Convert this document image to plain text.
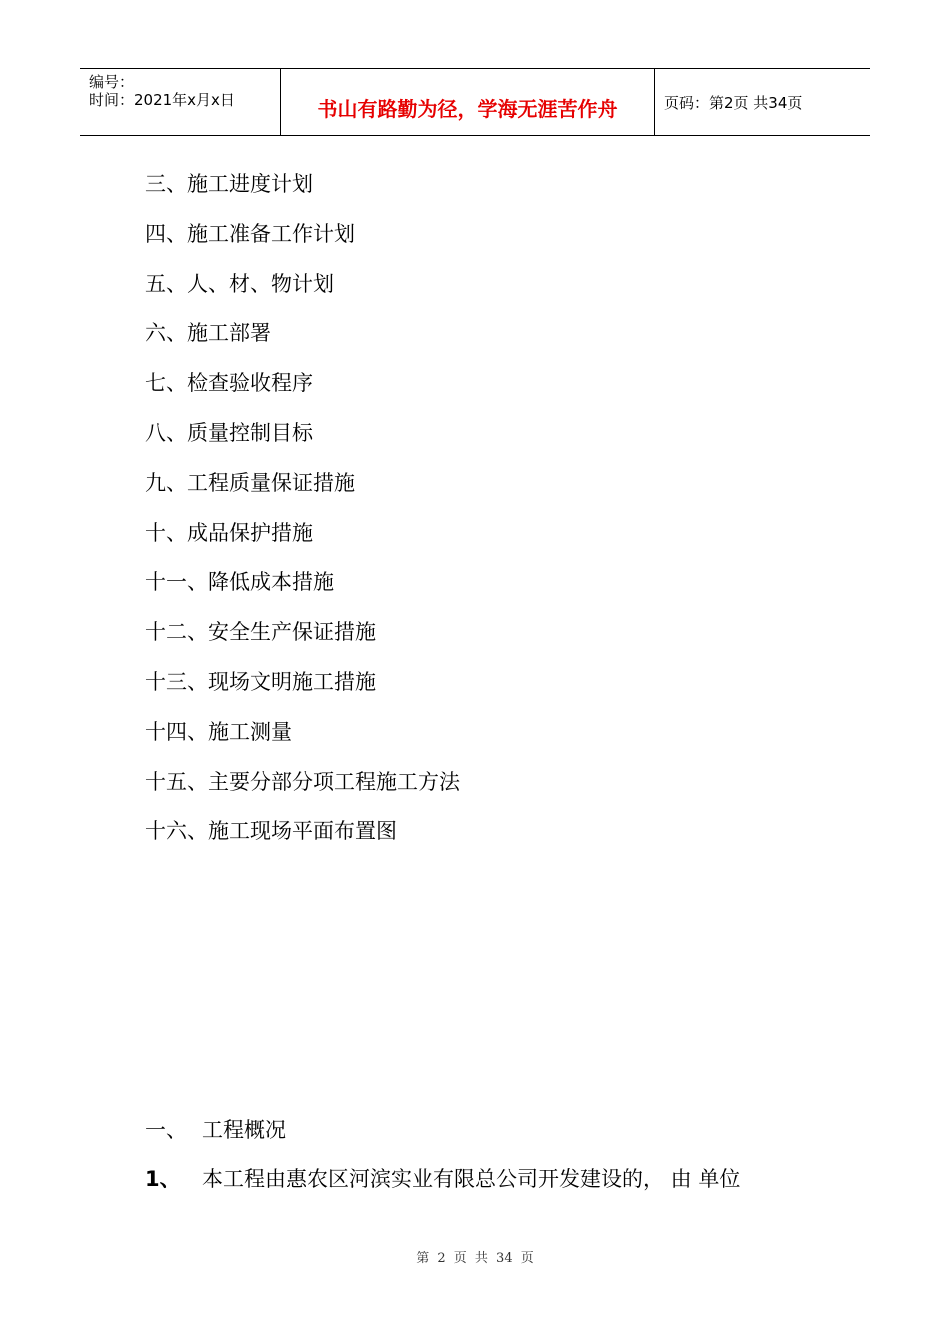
编号：
时间：2021年x月x日	书山有路勤为径，学海无涯苦作舟	页码：第2页 共34页
三、施工进度计划
四、施工准备工作计划
五、人、材、物计划
六、施工部署
七、检查验收程序
八、质量控制目标
九、工程质量保证措施
十、成品保护措施
十一、降低成本措施
十二、安全生产保证措施
十三、现场文明施工措施
十四、施工测量
十五、主要分部分项工程施工方法
十六、施工现场平面布置图
一、 工程概况
1、 本工程由惠农区河滨实业有限总公司开发建设的， 由 单位
第 2 页 共 34 页
